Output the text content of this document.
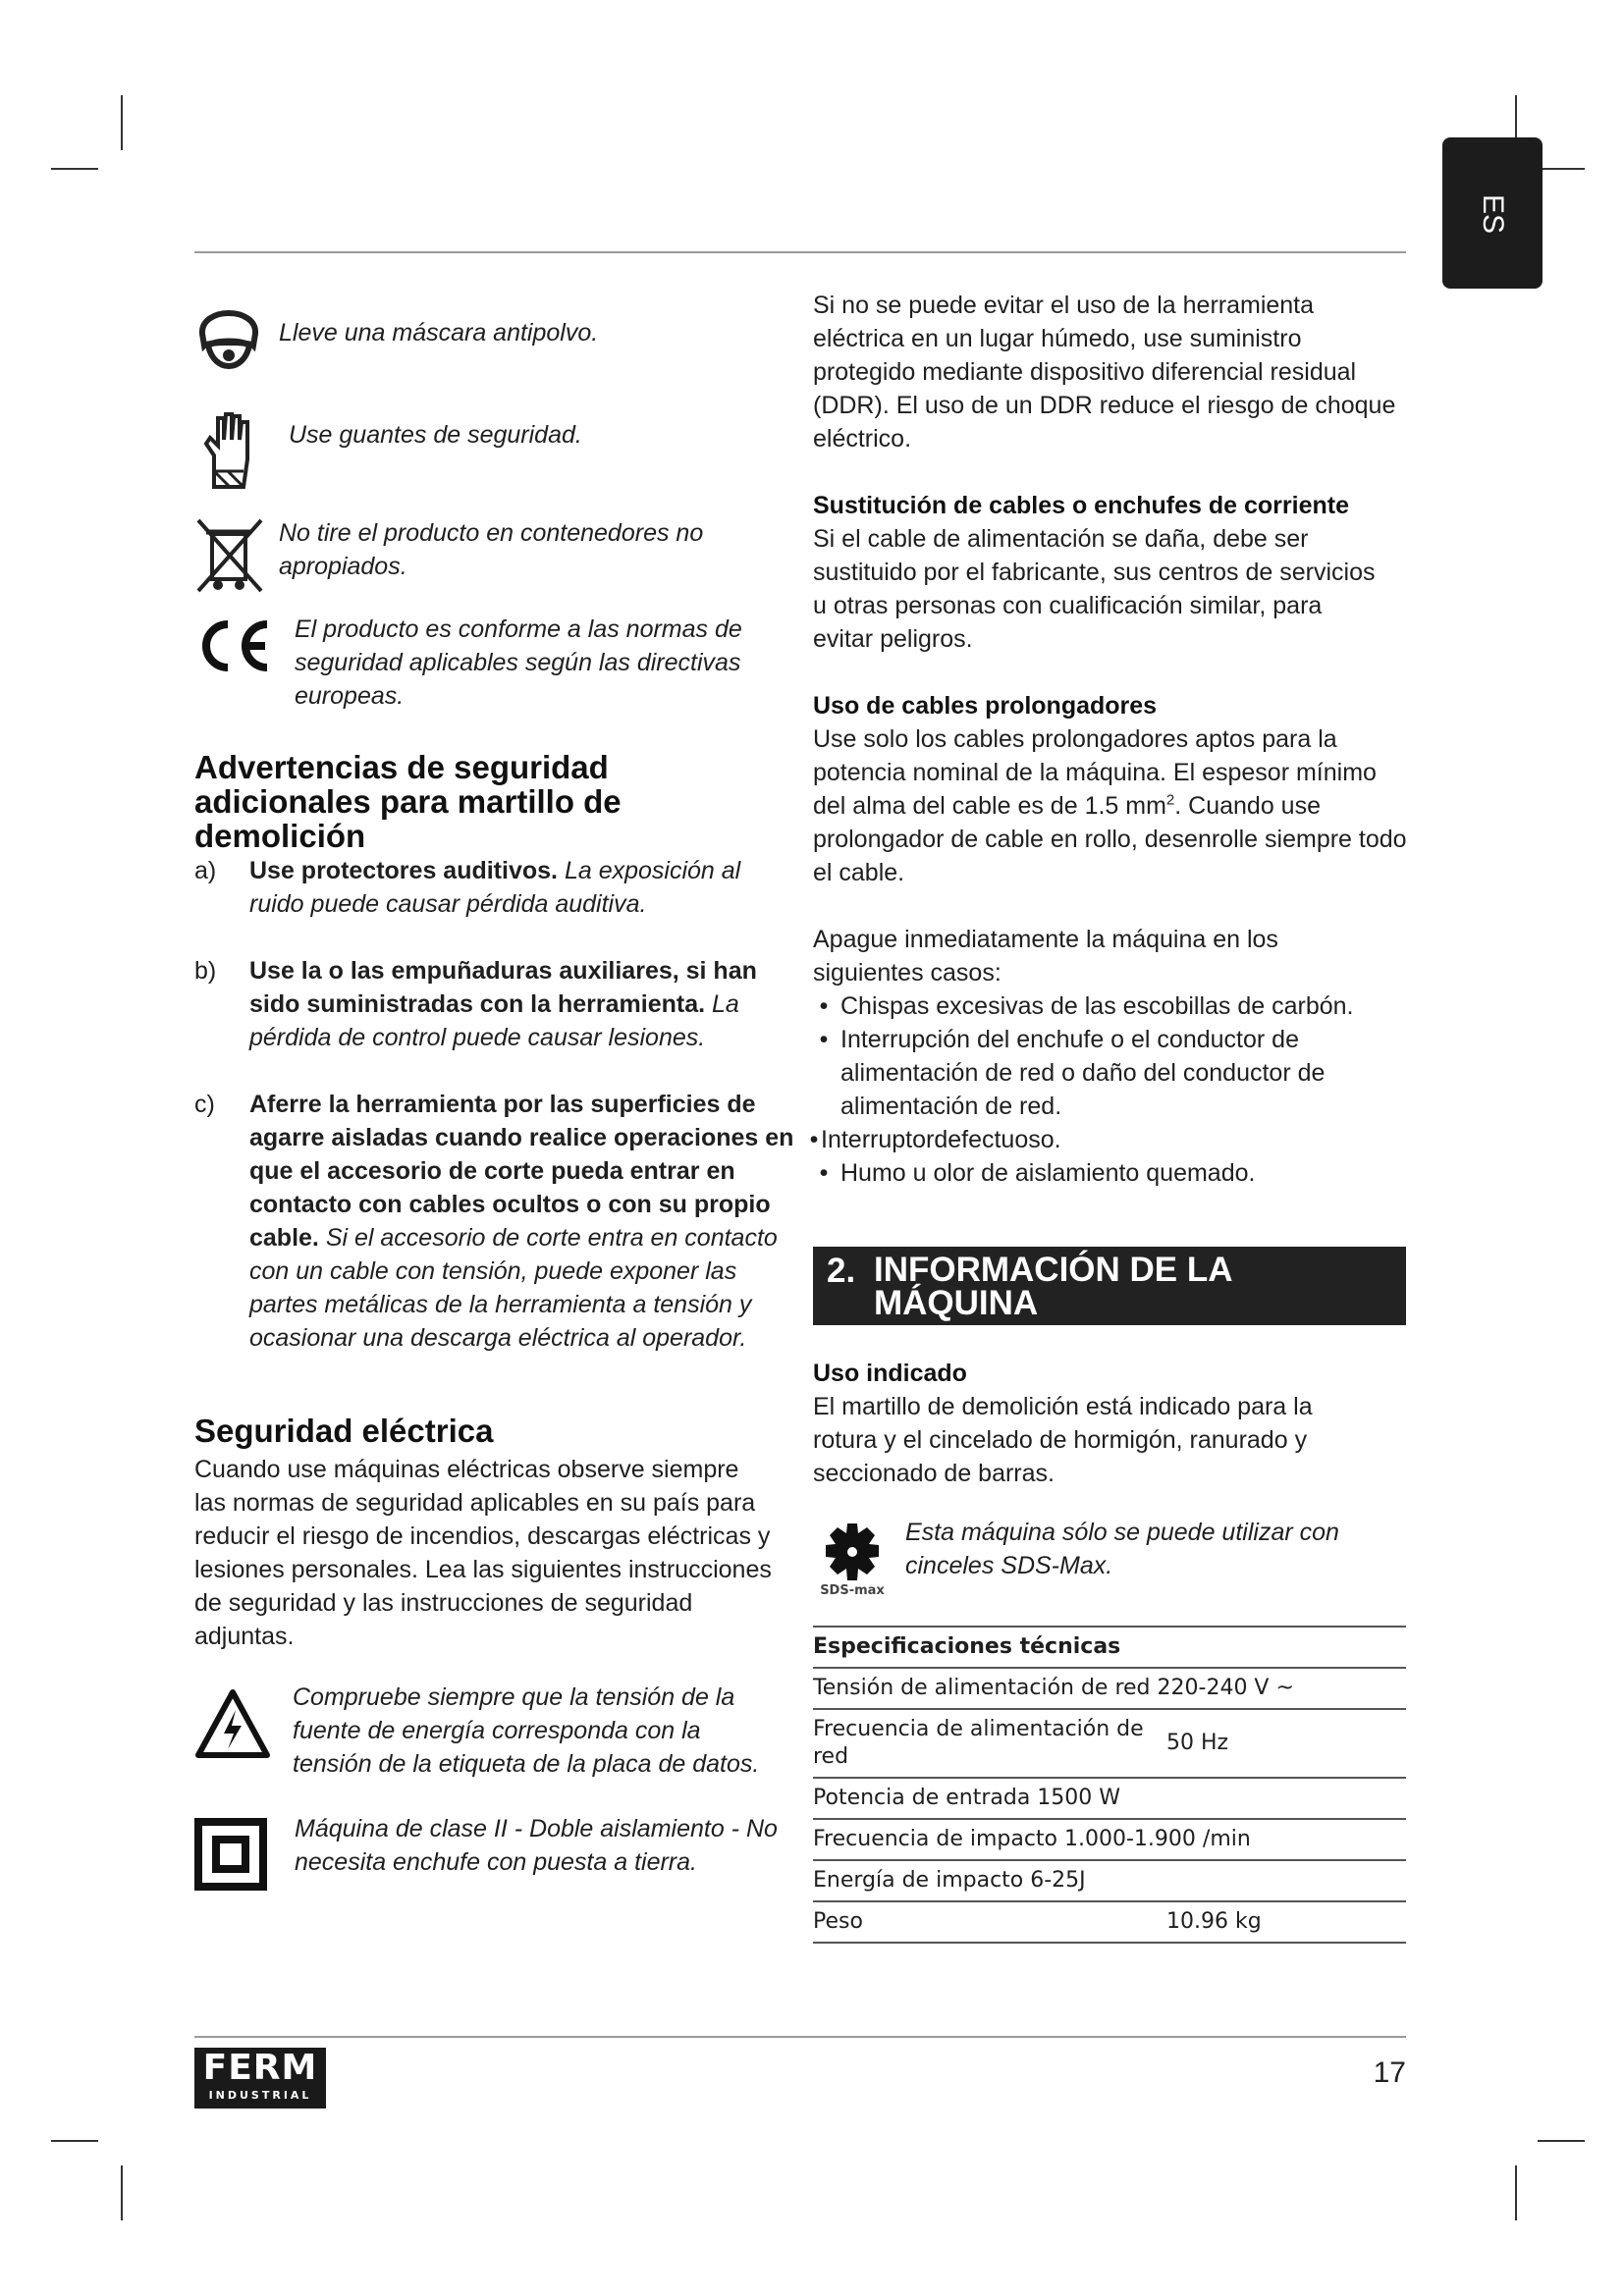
ES
Lleve una máscara antipolvo.
Use guantes de seguridad.
No tire el producto en contenedores no apropiados.
El producto es conforme a las normas de seguridad aplicables según las directivas europeas.
Advertencias de seguridad adicionales para martillo de demolición
a)	Use protectores auditivos. La exposición al ruido puede causar pérdida auditiva.
b)	Use la o las empuñaduras auxiliares, si han sido suministradas con la herramienta. La pérdida de control puede causar lesiones.
c)	Aferre la herramienta por las superficies de agarre aisladas cuando realice operaciones en que el accesorio de corte pueda entrar en contacto con cables ocultos o con su propio cable. Si el accesorio de corte entra en contacto con un cable con tensión, puede exponer las partes metálicas de la herramienta a tensión y ocasionar una descarga eléctrica al operador.
Seguridad eléctrica
Cuando use máquinas eléctricas observe siempre las normas de seguridad aplicables en su país para reducir el riesgo de incendios, descargas eléctricas y lesiones personales. Lea las siguientes instrucciones de seguridad y las instrucciones de seguridad adjuntas.
Compruebe siempre que la tensión de la fuente de energía corresponda con la tensión de la etiqueta de la placa de datos.
Máquina de clase II - Doble aislamiento - No necesita enchufe con puesta a tierra.
Si no se puede evitar el uso de la herramienta eléctrica en un lugar húmedo, use suministro protegido mediante dispositivo diferencial residual (DDR). El uso de un DDR reduce el riesgo de choque eléctrico.
Sustitución de cables o enchufes de corriente
Si el cable de alimentación se daña, debe ser sustituido por el fabricante, sus centros de servicios u otras personas con cualificación similar, para evitar peligros.
Uso de cables prolongadores
Use solo los cables prolongadores aptos para la potencia nominal de la máquina. El espesor mínimo del alma del cable es de 1.5 $mm^2$. Cuando use prolongador de cable en rollo, desenrolle siempre todo el cable.
Apague inmediatamente la máquina en los siguientes casos:
• Chispas excesivas de las escobillas de carbón.
• Interrupción del enchufe o el conductor de alimentación de red o daño del conductor de alimentación de red.
• Interruptordefectuoso.
• Humo u olor de aislamiento quemado.
2. INFORMACIÓN DE LA MÁQUINA
Uso indicado
El martillo de demolición está indicado para la rotura y el cincelado de hormigón, ranurado y seccionado de barras.
SDS-max
Esta máquina sólo se puede utilizar con cinceles SDS-Max.
Especificaciones técnicas	
Tensión de alimentación de red 220-240 V ~	
Frecuencia de alimentación de red	50 Hz
Potencia de entrada 1500 W	
Frecuencia de impacto 1.000-1.900 /min	
Energía de impacto 6-25J	
Peso	10.96 kg
FERM
INDUSTRIAL
17
